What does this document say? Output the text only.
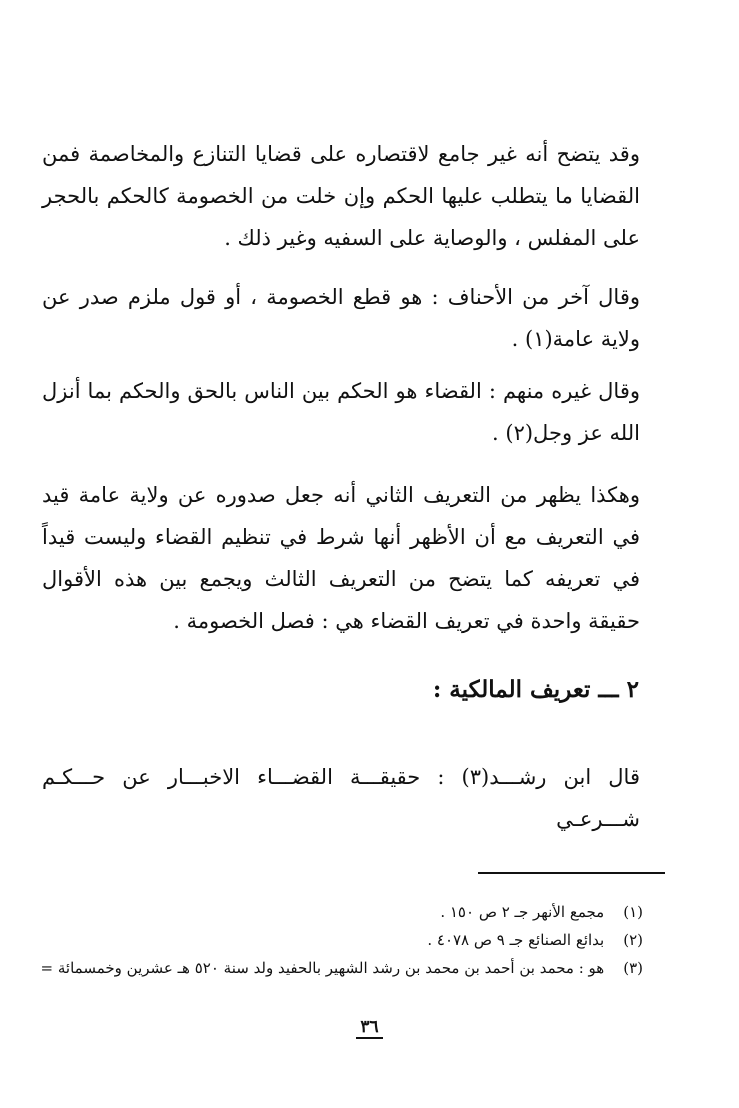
وقد يتضح أنه غير جامع لاقتصاره على قضايا التنازع والمخاصمة فمن القضايا ما يتطلب عليها الحكم وإن خلت من الخصومة كالحكم بالحجر على المفلس ، والوصاية على السفيه وغير ذلك .

وقال آخر من الأحناف : هو قطع الخصومة ، أو قول ملزم صدر عن ولاية عامة(١) .

وقال غيره منهم : القضاء هو الحكم بين الناس بالحق والحكم بما أنزل الله عز وجل(٢) .

وهكذا يظهر من التعريف الثاني أنه جعل صدوره عن ولاية عامة قيد في التعريف مع أن الأظهر أنها شرط في تنظيم القضاء وليست قيداً في تعريفه كما يتضح من التعريف الثالث ويجمع بين هذه الأقوال حقيقة واحدة في تعريف القضاء هي : فصل الخصومة .

٢ ـــ تعريف المالكية :

قال ابن رشـــد(٣) : حقيقـــة القضـــاء الاخبـــار عن حـــكـم شـــرعـي

(١) مجمع الأنهر جـ ٢ ص ١٥٠ .
(٢) بدائع الصنائع جـ ٩ ص ٤٠٧٨ .
(٣) هو : محمد بن أحمد بن محمد بن رشد الشهير بالحفيد ولد سنة ٥٢٠ هـ عشرين وخمسمائة =
٣٦
